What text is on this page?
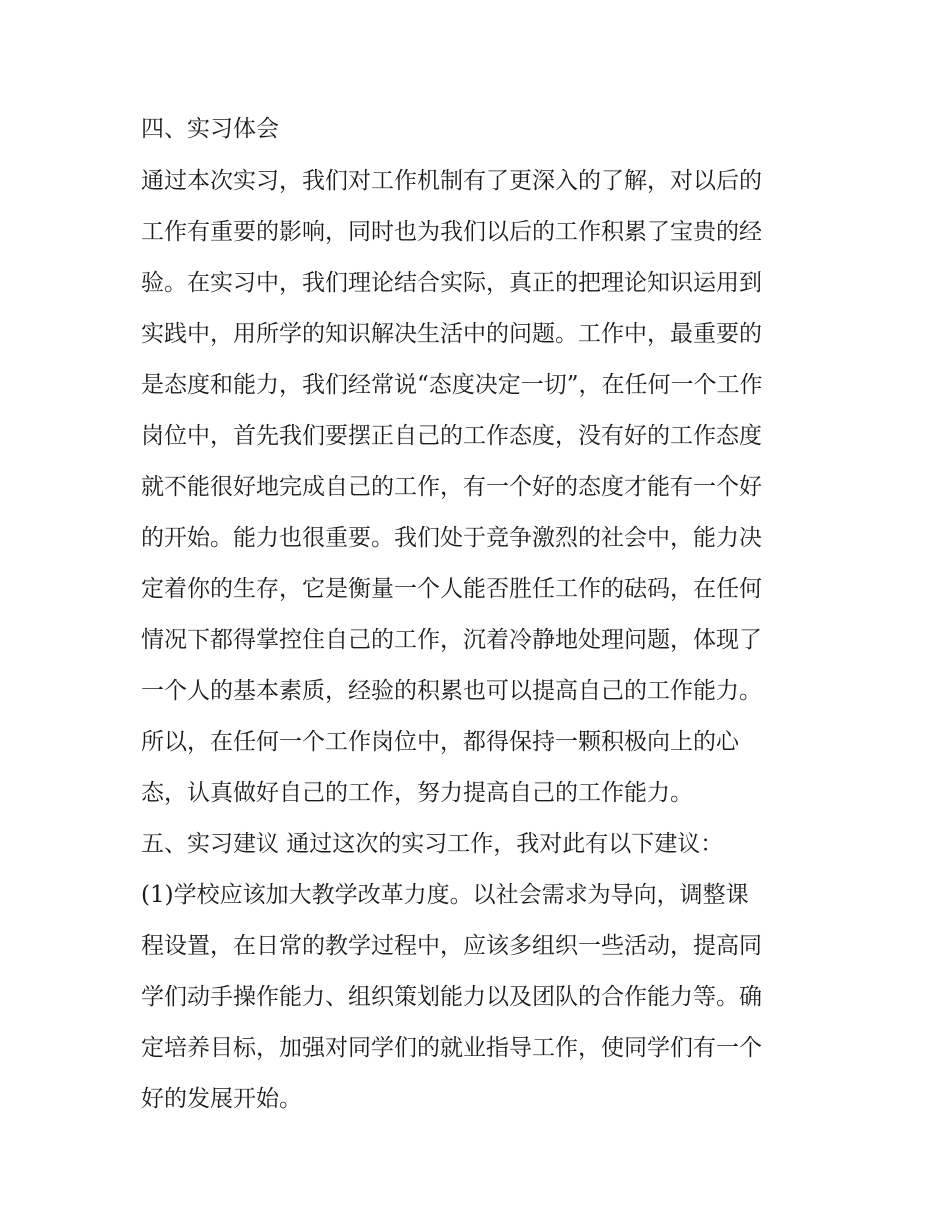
四、实习体会
通过本次实习，我们对工作机制有了更深入的了解，对以后的
工作有重要的影响，同时也为我们以后的工作积累了宝贵的经
验。在实习中，我们理论结合实际，真正的把理论知识运用到
实践中，用所学的知识解决生活中的问题。工作中，最重要的
是态度和能力，我们经常说“态度决定一切”，在任何一个工作
岗位中，首先我们要摆正自己的工作态度，没有好的工作态度
就不能很好地完成自己的工作，有一个好的态度才能有一个好
的开始。能力也很重要。我们处于竞争激烈的社会中，能力决
定着你的生存，它是衡量一个人能否胜任工作的砝码，在任何
情况下都得掌控住自己的工作，沉着冷静地处理问题，体现了
一个人的基本素质，经验的积累也可以提高自己的工作能力。
所以，在任何一个工作岗位中，都得保持一颗积极向上的心
态，认真做好自己的工作，努力提高自己的工作能力。
五、实习建议 通过这次的实习工作，我对此有以下建议：
(1)学校应该加大教学改革力度。以社会需求为导向，调整课
程设置，在日常的教学过程中，应该多组织一些活动，提高同
学们动手操作能力、组织策划能力以及团队的合作能力等。确
定培养目标，加强对同学们的就业指导工作，使同学们有一个
好的发展开始。
